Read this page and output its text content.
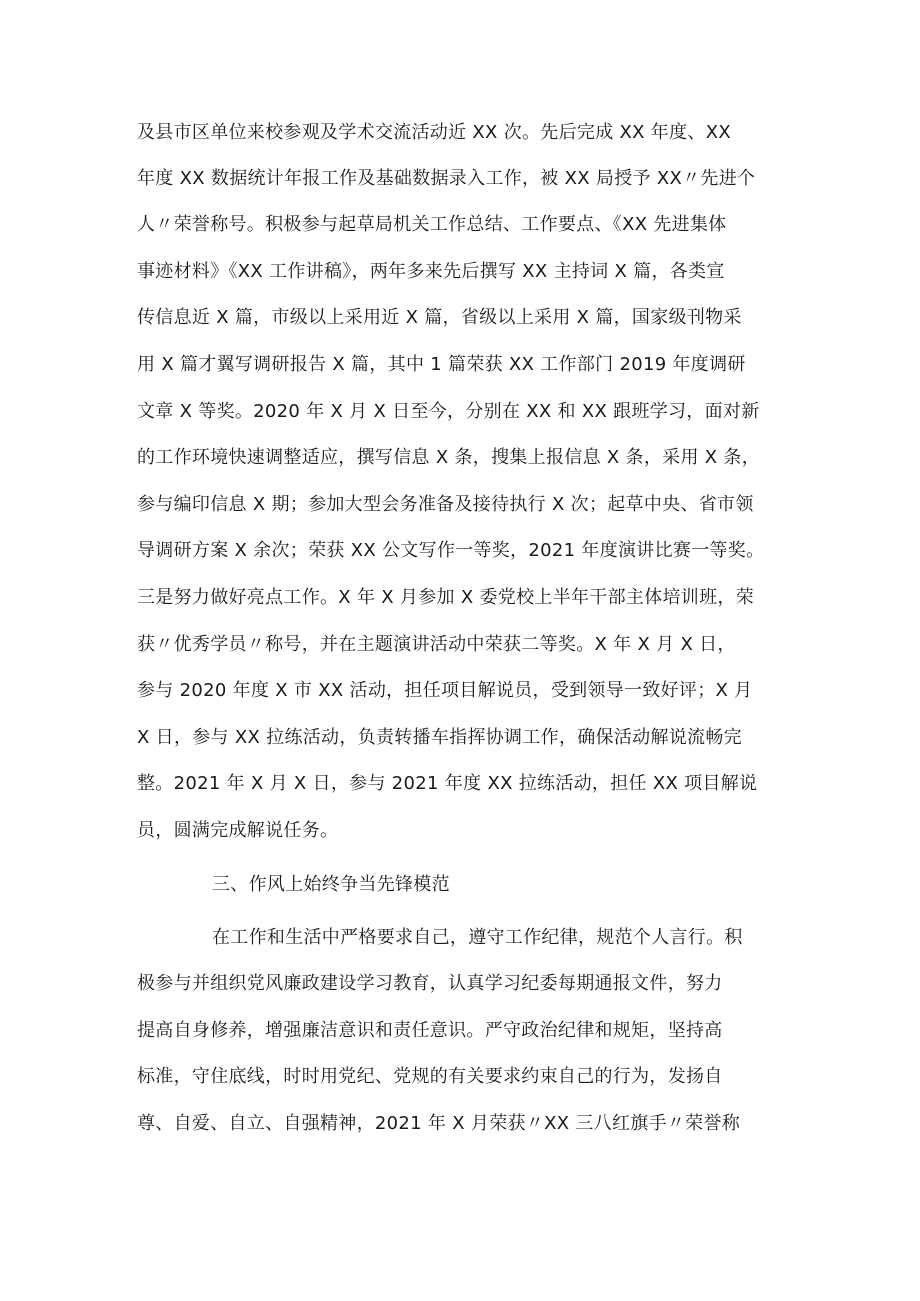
及县市区单位来校参观及学术交流活动近 XX 次。先后完成 XX 年度、XX
年度 XX 数据统计年报工作及基础数据录入工作，被 XX 局授予 XX〃先进个
人〃荣誉称号。积极参与起草局机关工作总结、工作要点、《XX 先进集体
事迹材料》《XX 工作讲稿》，两年多来先后撰写 XX 主持词 X 篇，各类宣
传信息近 X 篇，市级以上采用近 X 篇，省级以上采用 X 篇，国家级刊物采
用 X 篇才翼写调研报告 X 篇，其中 1 篇荣获 XX 工作部门 2019 年度调研
文章 X 等奖。2020 年 X 月 X 日至今，分别在 XX 和 XX 跟班学习，面对新
的工作环境快速调整适应，撰写信息 X 条，搜集上报信息 X 条，采用 X 条，
参与编印信息 X 期；参加大型会务准备及接待执行 X 次；起草中央、省市领
导调研方案 X 余次；荣获 XX 公文写作一等奖，2021 年度演讲比赛一等奖。
三是努力做好亮点工作。X 年 X 月参加 X 委党校上半年干部主体培训班，荣
获〃优秀学员〃称号，并在主题演讲活动中荣获二等奖。X 年 X 月 X 日，
参与 2020 年度 X 市 XX 活动，担任项目解说员，受到领导一致好评；X 月
X 日，参与 XX 拉练活动，负责转播车指挥协调工作，确保活动解说流畅完
整。2021 年 X 月 X 日，参与 2021 年度 XX 拉练活动，担任 XX 项目解说
员，圆满完成解说任务。
三、作风上始终争当先锋模范
在工作和生活中严格要求自己，遵守工作纪律，规范个人言行。积
极参与并组织党风廉政建设学习教育，认真学习纪委每期通报文件，努力
提高自身修养，增强廉洁意识和责任意识。严守政治纪律和规矩，坚持高
标准，守住底线，时时用党纪、党规的有关要求约束自己的行为，发扬自
尊、自爱、自立、自强精神，2021 年 X 月荣获〃XX 三八红旗手〃荣誉称
